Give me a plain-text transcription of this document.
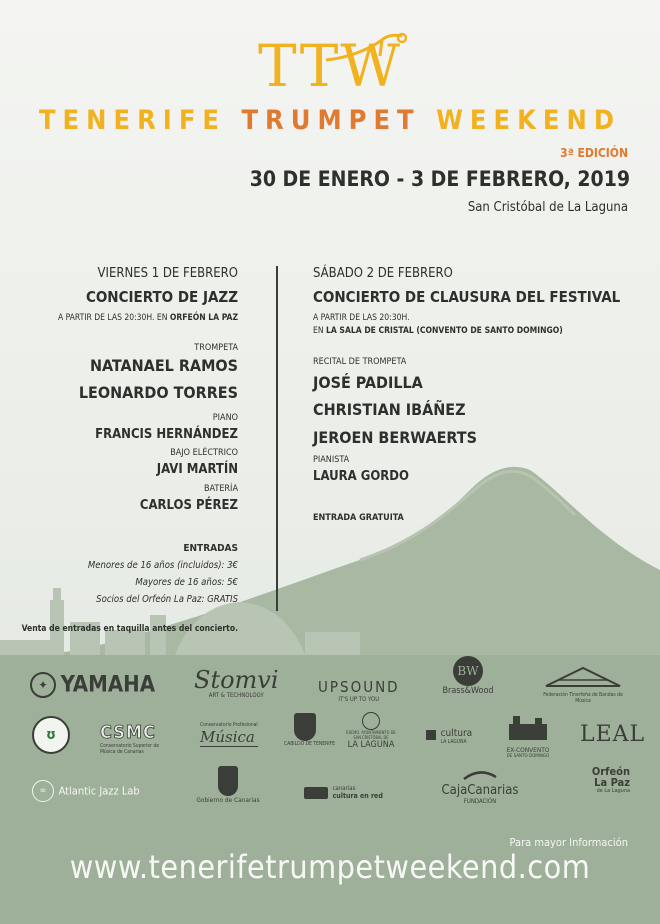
TTW
TENERIFE TRUMPET WEEKEND
3ª EDICIÓN
30 DE ENERO - 3 DE FEBRERO, 2019
San Cristóbal de La Laguna
VIERNES 1 DE FEBRERO
CONCIERTO DE JAZZ
A PARTIR DE LAS 20:30H. EN ORFEÓN LA PAZ
TROMPETA
NATANAEL RAMOS
LEONARDO TORRES
PIANO
FRANCIS HERNÁNDEZ
BAJO ELÉCTRICO
JAVI MARTÍN
BATERÍA
CARLOS PÉREZ
ENTRADAS
Menores de 16 años (incluidos): 3€
Mayores de 16 años: 5€
Socios del Orfeón La Paz: GRATIS
Venta de entradas en taquilla antes del concierto.
SÁBADO 2 DE FEBRERO
CONCIERTO DE CLAUSURA DEL FESTIVAL
A PARTIR DE LAS 20:30H.
EN LA SALA DE CRISTAL (CONVENTO DE SANTO DOMINGO)
RECITAL DE TROMPETA
JOSÉ PADILLA
CHRISTIAN IBÁÑEZ
JEROEN BERWAERTS
PIANISTA
LAURA GORDO
ENTRADA GRATUITA
✦ YAMAHA Stomvi
ART & TECHNOLOGY	UPSOUND
IT'S UP TO YOU
BW
Brass&Wood	Federación Tinerfeña de Bandas de Música
ʊ	CSMC
Conservatorio Superior de Música de Canarias
Conservatorio Profesional
Música	CABILDO DE TENERIFE
EXCMO. AYUNTAMIENTO DE SAN CRISTÓBAL DE
LA LAGUNA

cultura
LA LAGUNA
EX-CONVENTO
DE SANTO DOMINGO
LEAL
∞ Atlantic Jazz Lab
Gobierno de Canarias

canarias
cultura en red	CajaCanarias
FUNDACIÓN
Orfeón
La Paz
de La Laguna
Para mayor Información
www.tenerifetrumpetweekend.com
